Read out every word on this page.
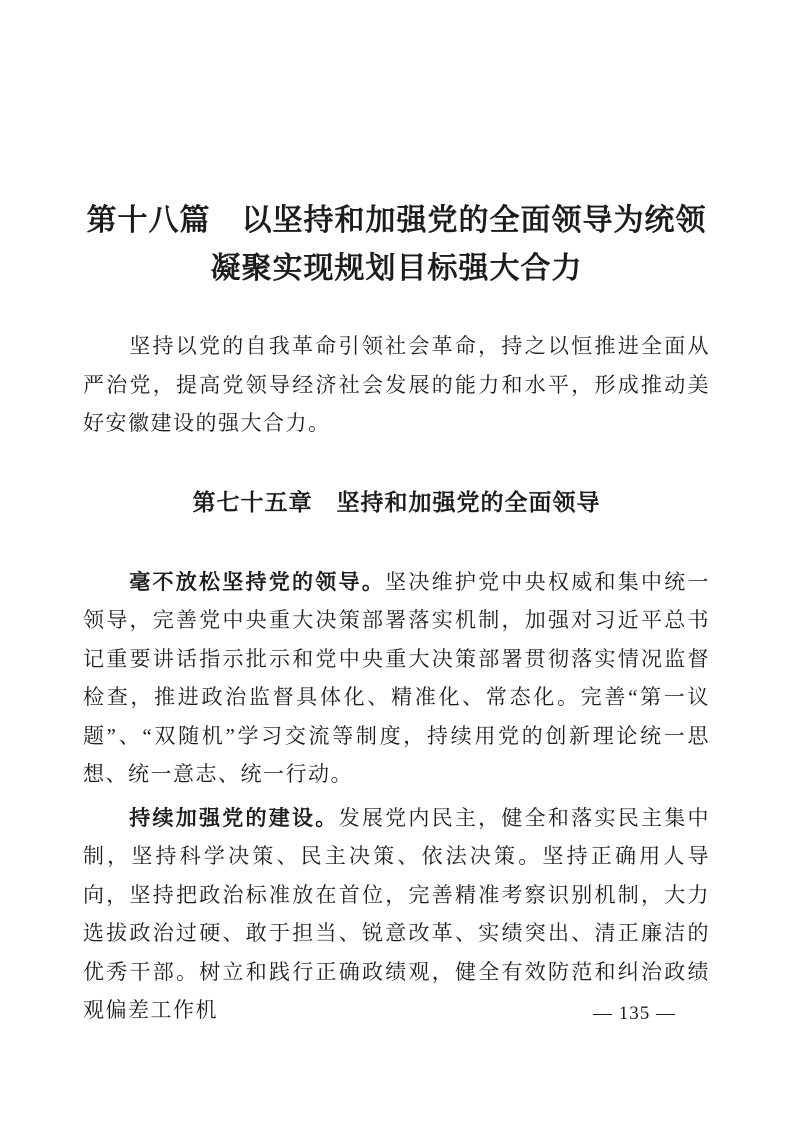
第十八篇　以坚持和加强党的全面领导为统领
凝聚实现规划目标强大合力

坚持以党的自我革命引领社会革命，持之以恒推进全面从严治党，提高党领导经济社会发展的能力和水平，形成推动美好安徽建设的强大合力。

第七十五章　坚持和加强党的全面领导

毫不放松坚持党的领导。坚决维护党中央权威和集中统一领导，完善党中央重大决策部署落实机制，加强对习近平总书记重要讲话指示批示和党中央重大决策部署贯彻落实情况监督检查，推进政治监督具体化、精准化、常态化。完善“第一议题”、“双随机”学习交流等制度，持续用党的创新理论统一思想、统一意志、统一行动。

持续加强党的建设。发展党内民主，健全和落实民主集中制，坚持科学决策、民主决策、依法决策。坚持正确用人导向，坚持把政治标准放在首位，完善精准考察识别机制，大力选拔政治过硬、敢于担当、锐意改革、实绩突出、清正廉洁的优秀干部。树立和践行正确政绩观，健全有效防范和纠治政绩观偏差工作机	— 135 —
